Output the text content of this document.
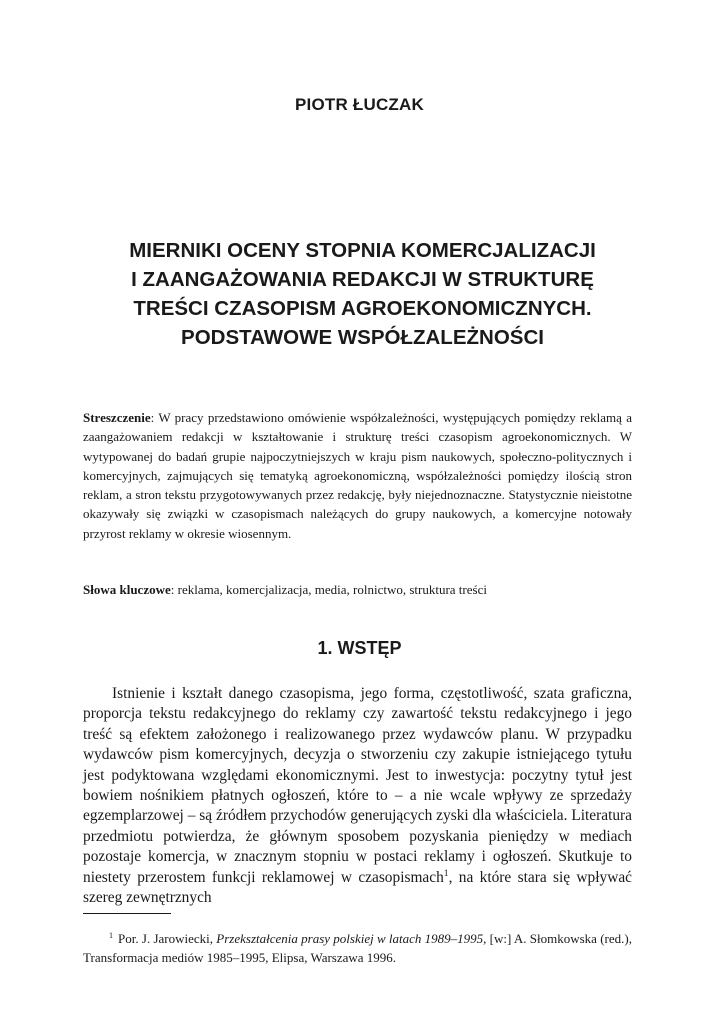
PIOTR ŁUCZAK
MIERNIKI OCENY STOPNIA KOMERCJALIZACJI
I ZAANGAŻOWANIA REDAKCJI W STRUKTURĘ
TREŚCI CZASOPISM AGROEKONOMICZNYCH.
PODSTAWOWE WSPÓŁZALEŻNOŚCI
Streszczenie: W pracy przedstawiono omówienie współzależności, występujących pomiędzy reklamą a zaangażowaniem redakcji w kształtowanie i strukturę treści czasopism agroekonomicznych. W wytypowanej do badań grupie najpoczytniejszych w kraju pism naukowych, społeczno-politycznych i komercyjnych, zajmujących się tematyką agroekonomiczną, współzależności pomiędzy ilością stron reklam, a stron tekstu przygotowywanych przez redakcję, były niejednoznaczne. Statystycznie nieistotne okazywały się związki w czasopismach należących do grupy naukowych, a komercyjne notowały przyrost reklamy w okresie wiosennym.
Słowa kluczowe: reklama, komercjalizacja, media, rolnictwo, struktura treści
1. WSTĘP

Istnienie i kształt danego czasopisma, jego forma, częstotliwość, szata graficzna, proporcja tekstu redakcyjnego do reklamy czy zawartość tekstu redakcyjnego i jego treść są efektem założonego i realizowanego przez wydawców planu. W przypadku wydawców pism komercyjnych, decyzja o stworzeniu czy zakupie istniejącego tytułu jest podyktowana względami ekonomicznymi. Jest to inwestycja: poczytny tytuł jest bowiem nośnikiem płatnych ogłoszeń, które to – a nie wcale wpływy ze sprzedaży egzemplarzowej – są źródłem przychodów generujących zyski dla właściciela. Literatura przedmiotu potwierdza, że głównym sposobem pozyskania pieniędzy w mediach pozostaje komercja, w znacznym stopniu w postaci reklamy i ogłoszeń. Skutkuje to niestety przerostem funkcji reklamowej w czasopismach$^1$, na które stara się wpływać szereg zewnętrznych

$^1$ Por. J. Jarowiecki, Przekształcenia prasy polskiej w latach 1989–1995, [w:] A. Słomkowska (red.), Transformacja mediów 1985–1995, Elipsa, Warszawa 1996.
